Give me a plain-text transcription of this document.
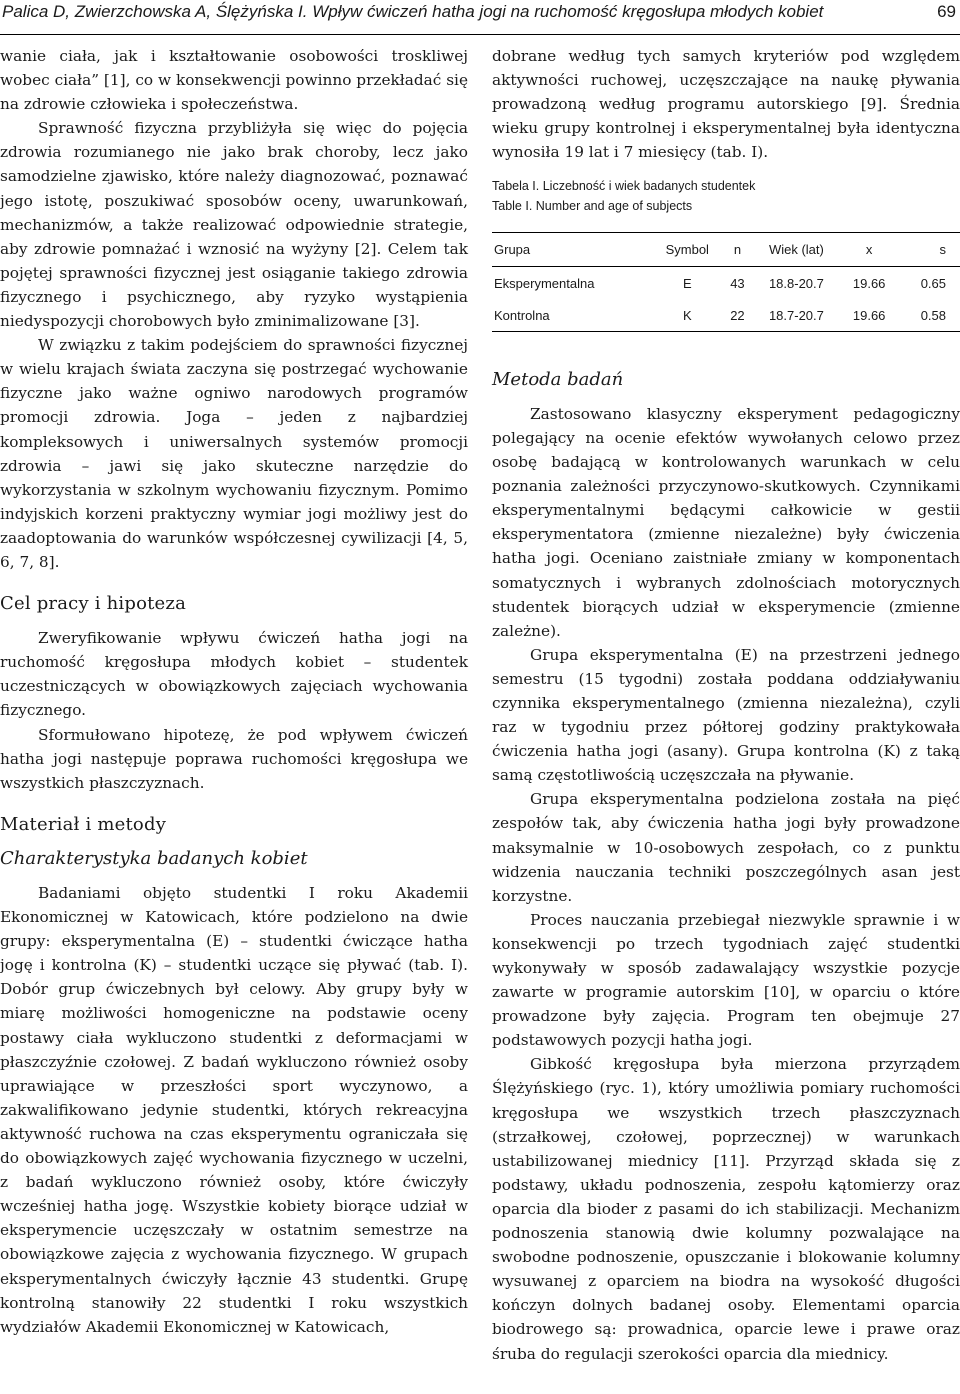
Palica D, Zwierzchowska A, Ślężyńska I. Wpływ ćwiczeń hatha jogi na ruchomość kręgosłupa młodych kobiet	69

wanie ciała, jak i kształtowanie osobowości troskliwej wobec ciała” [1], co w konsekwencji powinno przekładać się na zdrowie człowieka i społeczeństwa.

Sprawność fizyczna przybliżyła się więc do pojęcia zdrowia rozumianego nie jako brak choroby, lecz jako samodzielne zjawisko, które należy diagnozować, poznawać jego istotę, poszukiwać sposobów oceny, uwarunkowań, mechanizmów, a także realizować odpowiednie strategie, aby zdrowie pomnażać i wznosić na wyżyny [2]. Celem tak pojętej sprawności fizycznej jest osiąganie takiego zdrowia fizycznego i psychicznego, aby ryzyko wystąpienia niedyspozycji chorobowych było zminimalizowane [3].

W związku z takim podejściem do sprawności fizycznej w wielu krajach świata zaczyna się postrzegać wychowanie fizyczne jako ważne ogniwo narodowych programów promocji zdrowia. Joga – jeden z najbardziej kompleksowych i uniwersalnych systemów promocji zdrowia – jawi się jako skuteczne narzędzie do wykorzystania w szkolnym wychowaniu fizycznym. Pomimo indyjskich korzeni praktyczny wymiar jogi możliwy jest do zaadoptowania do warunków współczesnej cywilizacji [4, 5, 6, 7, 8].

Cel pracy i hipoteza

Zweryfikowanie wpływu ćwiczeń hatha jogi na ruchomość kręgosłupa młodych kobiet – studentek uczestniczących w obowiązkowych zajęciach wychowania fizycznego.

Sformułowano hipotezę, że pod wpływem ćwiczeń hatha jogi następuje poprawa ruchomości kręgosłupa we wszystkich płaszczyznach.

Materiał i metody
Charakterystyka badanych kobiet

Badaniami objęto studentki I roku Akademii Ekonomicznej w Katowicach, które podzielono na dwie grupy: eksperymentalna (E) – studentki ćwiczące hatha jogę i kontrolna (K) – studentki uczące się pływać (tab. I). Dobór grup ćwiczebnych był celowy. Aby grupy były w miarę możliwości homogeniczne na podstawie oceny postawy ciała wykluczono studentki z deformacjami w płaszczyźnie czołowej. Z badań wykluczono również osoby uprawiające w przeszłości sport wyczynowo, a zakwalifikowano jedynie studentki, których rekreacyjna aktywność ruchowa na czas eksperymentu ograniczała się do obowiązkowych zajęć wychowania fizycznego w uczelni, z badań wykluczono również osoby, które ćwiczyły wcześniej hatha jogę. Wszystkie kobiety biorące udział w eksperymencie uczęszczały w ostatnim semestrze na obowiązkowe zajęcia z wychowania fizycznego. W grupach eksperymentalnych ćwiczyły łącznie 43 studentki. Grupę kontrolną stanowiły 22 studentki I roku wszystkich wydziałów Akademii Ekonomicznej w Katowicach,

dobrane według tych samych kryteriów pod względem aktywności ruchowej, uczęszczające na naukę pływania prowadzoną według programu autorskiego [9]. Średnia wieku grupy kontrolnej i eksperymentalnej była identyczna wynosiła 19 lat i 7 miesięcy (tab. I).

Tabela I. Liczebność i wiek badanych studentek
Table I. Number and age of subjects
Grupa	Symbol	n	Wiek (lat)	x	s
Eksperymentalna	E	43	18.8-20.7	19.66	0.65
Kontrolna	K	22	18.7-20.7	19.66	0.58
Metoda badań

Zastosowano klasyczny eksperyment pedagogiczny polegający na ocenie efektów wywołanych celowo przez osobę badającą w kontrolowanych warunkach w celu poznania zależności przyczynowo-skutkowych. Czynnikami eksperymentalnymi będącymi całkowicie w gestii eksperymentatora (zmienne niezależne) były ćwiczenia hatha jogi. Oceniano zaistniałe zmiany w komponentach somatycznych i wybranych zdolnościach motorycznych studentek biorących udział w eksperymencie (zmienne zależne).

Grupa eksperymentalna (E) na przestrzeni jednego semestru (15 tygodni) została poddana oddziaływaniu czynnika eksperymentalnego (zmienna niezależna), czyli raz w tygodniu przez półtorej godziny praktykowała ćwiczenia hatha jogi (asany). Grupa kontrolna (K) z taką samą częstotliwością uczęszczała na pływanie.

Grupa eksperymentalna podzielona została na pięć zespołów tak, aby ćwiczenia hatha jogi były prowadzone maksymalnie w 10-osobowych zespołach, co z punktu widzenia nauczania techniki poszczególnych asan jest korzystne.

Proces nauczania przebiegał niezwykle sprawnie i w konsekwencji po trzech tygodniach zajęć studentki wykonywały w sposób zadawalający wszystkie pozycje zawarte w programie autorskim [10], w oparciu o które prowadzone były zajęcia. Program ten obejmuje 27 podstawowych pozycji hatha jogi.

Gibkość kręgosłupa była mierzona przyrządem Ślężyńskiego (ryc. 1), który umożliwia pomiary ruchomości kręgosłupa we wszystkich trzech płaszczyznach (strzałkowej, czołowej, poprzecznej) w warunkach ustabilizowanej miednicy [11]. Przyrząd składa się z podstawy, układu podnoszenia, zespołu kątomierzy oraz oparcia dla bioder z pasami do ich stabilizacji. Mechanizm podnoszenia stanowią dwie kolumny pozwalające na swobodne podnoszenie, opuszczanie i blokowanie kolumny wysuwanej z oparciem na biodra na wysokość długości kończyn dolnych badanej osoby. Elementami oparcia biodrowego są: prowadnica, oparcie lewe i prawe oraz śruba do regulacji szerokości oparcia dla miednicy.
